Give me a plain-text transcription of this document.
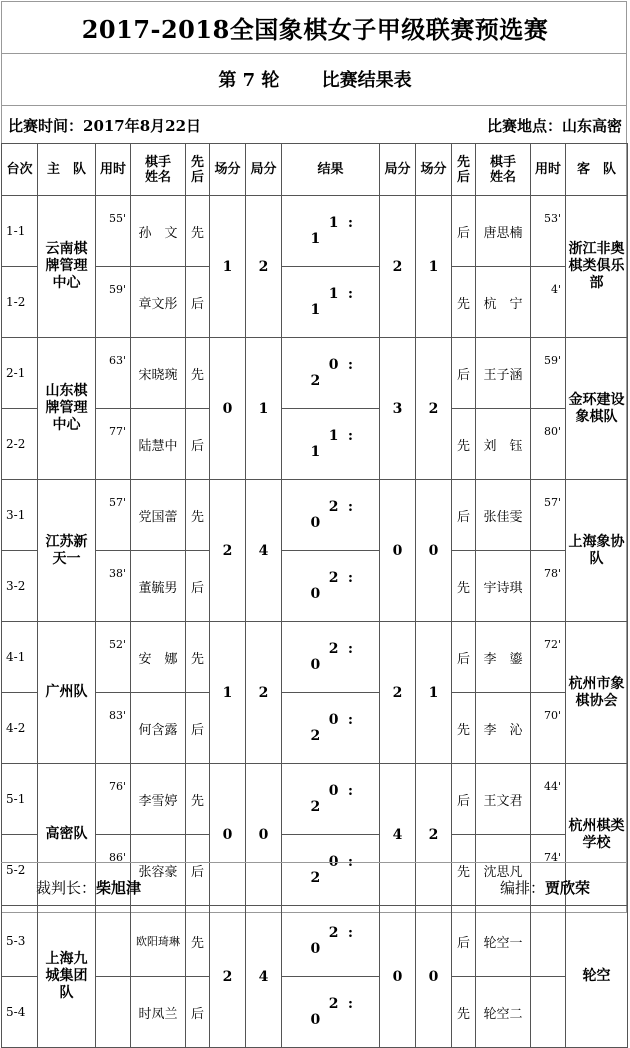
2017-2018全国象棋女子甲级联赛预选赛
第 7 轮 比赛结果表
比赛时间：2017年8月22日	比赛地点：山东高密
台次	主　队	用时	棋手姓名	先后	场分	局分	结果	局分	场分	先后	棋手姓名	用时	客　队
1-1	云南棋牌管理中心	55'	孙　文	先	1	2	1 :1	2	1	后	唐思楠	53'	浙江非奥棋类俱乐部
1-2		59'	章文彤	后			1 :1			先	杭　宁	4'	
2-1	山东棋牌管理中心	63'	宋晓琬	先	0	1	0 :2	3	2	后	王子涵	59'	金环建设象棋队
2-2		77'	陆慧中	后			1 :1			先	刘　钰	80'	
3-1	江苏新天一	57'	党国蕾	先	2	4	2 :0	0	0	后	张佳雯	57'	上海象协队
3-2		38'	董毓男	后			2 :0			先	宇诗琪	78'	
4-1	广州队	52'	安　娜	先	1	2	2 :0	2	1	后	李　鎏	72'	杭州市象棋协会
4-2		83'	何含露	后			0 :2			先	李　沁	70'	
5-1	高密队	76'	李雪婷	先	0	0	0 :2	4	2	后	王文君	44'	杭州棋类学校
5-2		86'	张容豪	后			0 :2			先	沈思凡	74'	
5-3	上海九城集团队		欧阳琦琳	先	2	4	2 :0	0	0	后	轮空一		轮空
5-4			时凤兰	后			2 :0			先	轮空二		
裁判长：柴旭津	编排：贾欣荣
